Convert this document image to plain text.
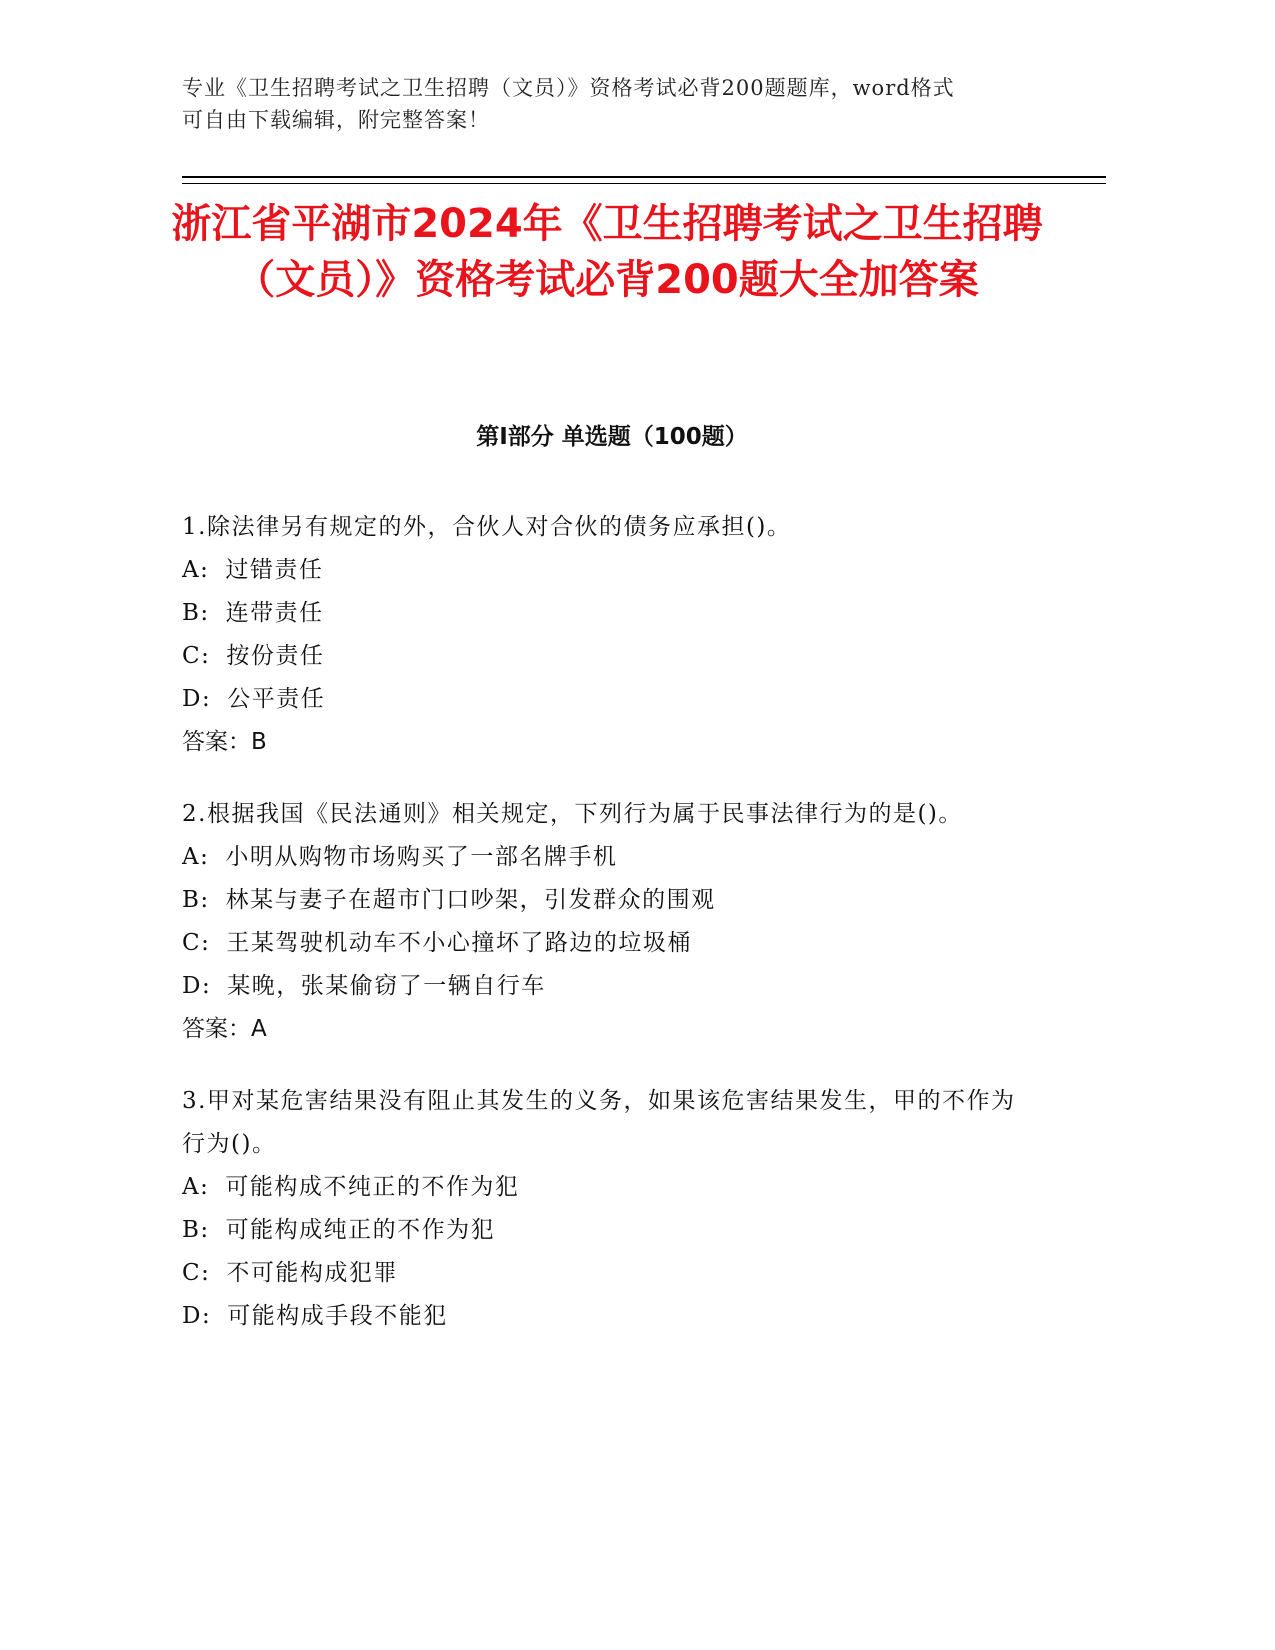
专业《卫生招聘考试之卫生招聘（文员）》资格考试必背200题题库，word格式
可自由下载编辑，附完整答案！
浙江省平湖市2024年《卫生招聘考试之卫生招聘（文员）》资格考试必背200题大全加答案
第Ⅰ部分 单选题（100题）
1.除法律另有规定的外，合伙人对合伙的债务应承担()。
A: 过错责任
B: 连带责任
C: 按份责任
D: 公平责任
答案：B
2.根据我国《民法通则》相关规定，下列行为属于民事法律行为的是()。
A: 小明从购物市场购买了一部名牌手机
B: 林某与妻子在超市门口吵架，引发群众的围观
C: 王某驾驶机动车不小心撞坏了路边的垃圾桶
D: 某晚，张某偷窃了一辆自行车
答案：A
3.甲对某危害结果没有阻止其发生的义务，如果该危害结果发生，甲的不作为行为()。
A: 可能构成不纯正的不作为犯
B: 可能构成纯正的不作为犯
C: 不可能构成犯罪
D: 可能构成手段不能犯
